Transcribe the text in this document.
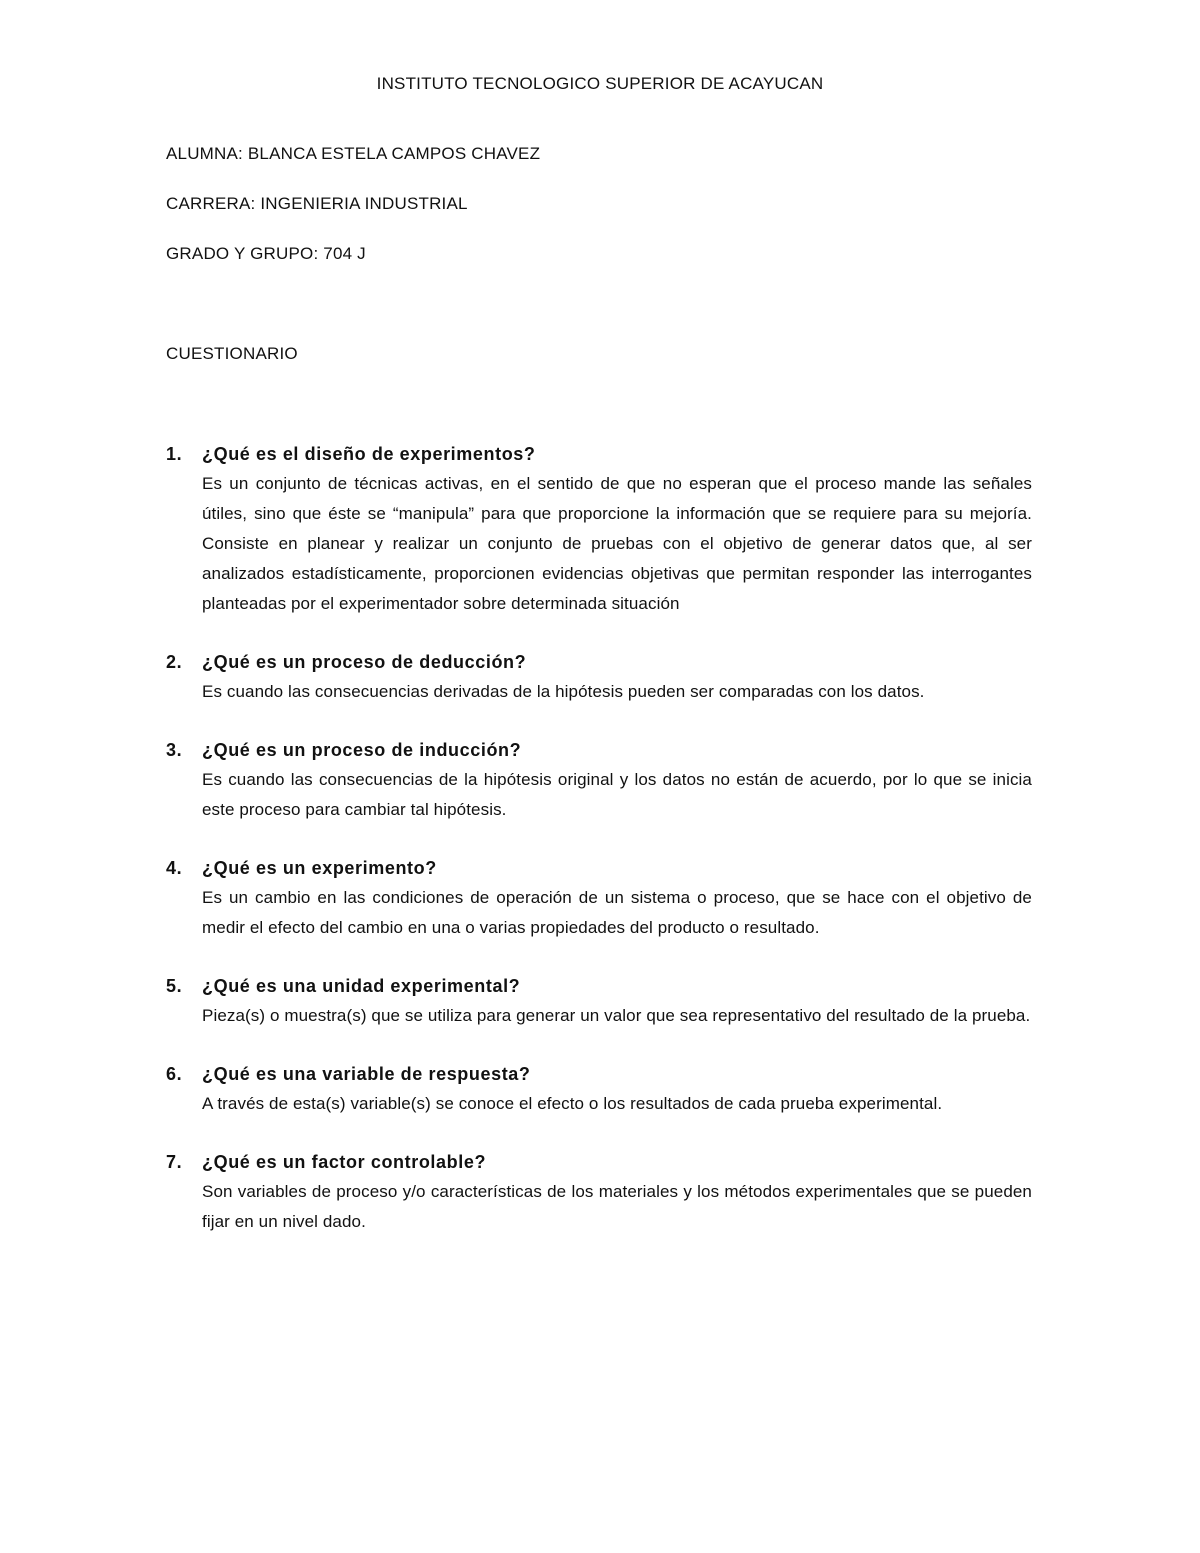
INSTITUTO TECNOLOGICO SUPERIOR DE ACAYUCAN
ALUMNA: BLANCA ESTELA CAMPOS CHAVEZ
CARRERA: INGENIERIA INDUSTRIAL
GRADO Y GRUPO: 704 J
CUESTIONARIO
1. ¿Qué es el diseño de experimentos?
Es un conjunto de técnicas activas, en el sentido de que no esperan que el proceso mande las señales útiles, sino que éste se “manipula” para que proporcione la información que se requiere para su mejoría. Consiste en planear y realizar un conjunto de pruebas con el objetivo de generar datos que, al ser analizados estadísticamente, proporcionen evidencias objetivas que permitan responder las interrogantes planteadas por el experimentador sobre determinada situación
2. ¿Qué es un proceso de deducción?
Es cuando las consecuencias derivadas de la hipótesis pueden ser comparadas con los datos.
3. ¿Qué es un proceso de inducción?
Es cuando las consecuencias de la hipótesis original y los datos no están de acuerdo, por lo que se inicia este proceso para cambiar tal hipótesis.
4. ¿Qué es un experimento?
Es un cambio en las condiciones de operación de un sistema o proceso, que se hace con el objetivo de medir el efecto del cambio en una o varias propiedades del producto o resultado.
5. ¿Qué es una unidad experimental?
Pieza(s) o muestra(s) que se utiliza para generar un valor que sea representativo del resultado de la prueba.
6. ¿Qué es una variable de respuesta?
A través de esta(s) variable(s) se conoce el efecto o los resultados de cada prueba experimental.
7. ¿Qué es un factor controlable?
Son variables de proceso y/o características de los materiales y los métodos experimentales que se pueden fijar en un nivel dado.
